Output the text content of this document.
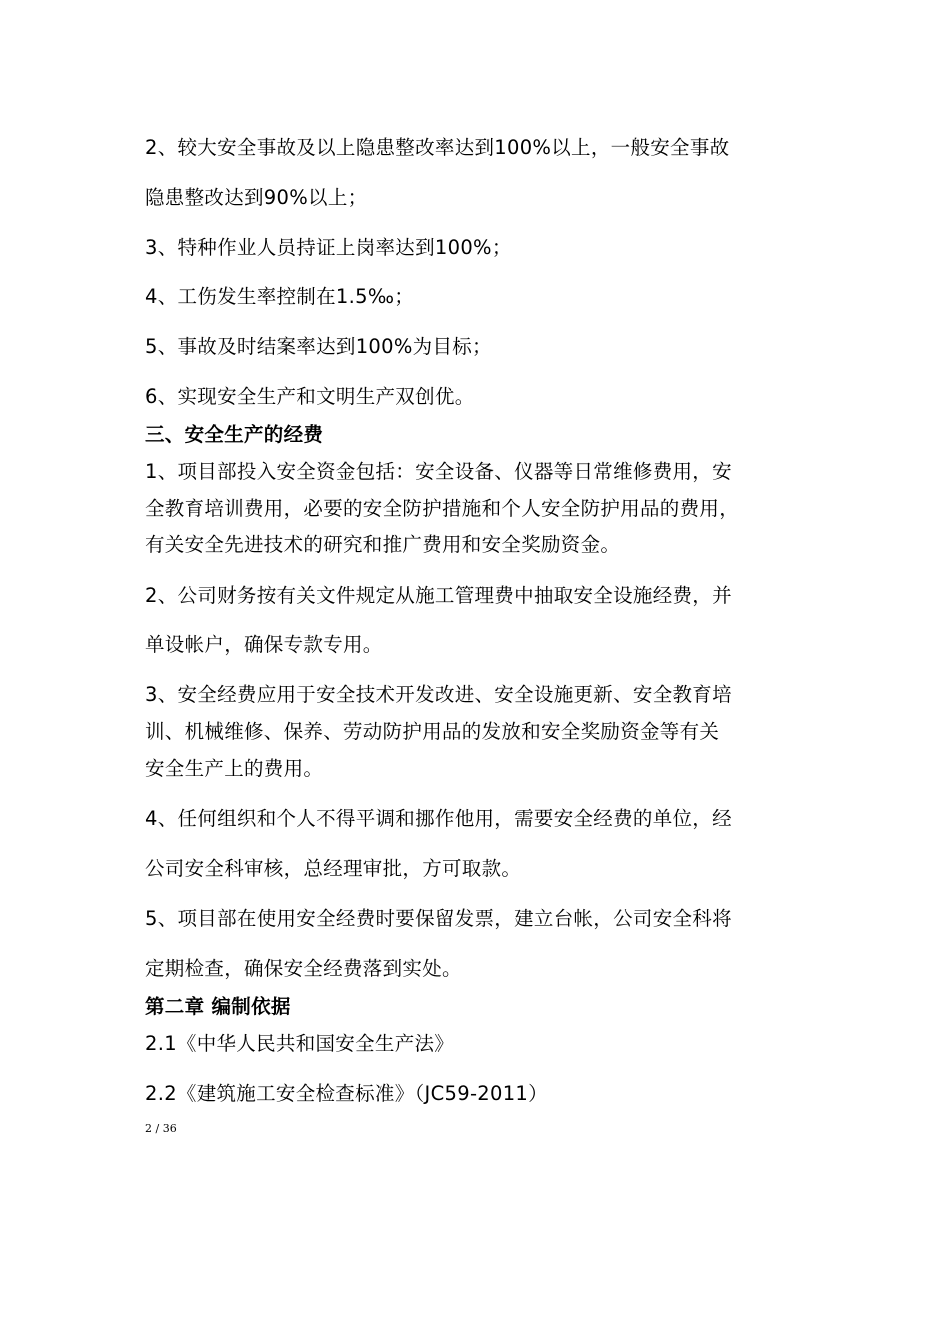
2、较大安全事故及以上隐患整改率达到100%以上，一般安全事故
隐患整改达到90%以上；
3、特种作业人员持证上岗率达到100%；
4、工伤发生率控制在1.5‰；
5、事故及时结案率达到100%为目标；
6、实现安全生产和文明生产双创优。
三、安全生产的经费
1、项目部投入安全资金包括：安全设备、仪器等日常维修费用，安
全教育培训费用，必要的安全防护措施和个人安全防护用品的费用，
有关安全先进技术的研究和推广费用和安全奖励资金。
2、公司财务按有关文件规定从施工管理费中抽取安全设施经费，并
单设帐户，确保专款专用。
3、安全经费应用于安全技术开发改进、安全设施更新、安全教育培
训、机械维修、保养、劳动防护用品的发放和安全奖励资金等有关
安全生产上的费用。
4、任何组织和个人不得平调和挪作他用，需要安全经费的单位，经
公司安全科审核，总经理审批，方可取款。
5、项目部在使用安全经费时要保留发票，建立台帐，公司安全科将
定期检查，确保安全经费落到实处。
第二章 编制依据
2.1《中华人民共和国安全生产法》
2.2《建筑施工安全检查标准》（JC59-2011）
2 / 36
